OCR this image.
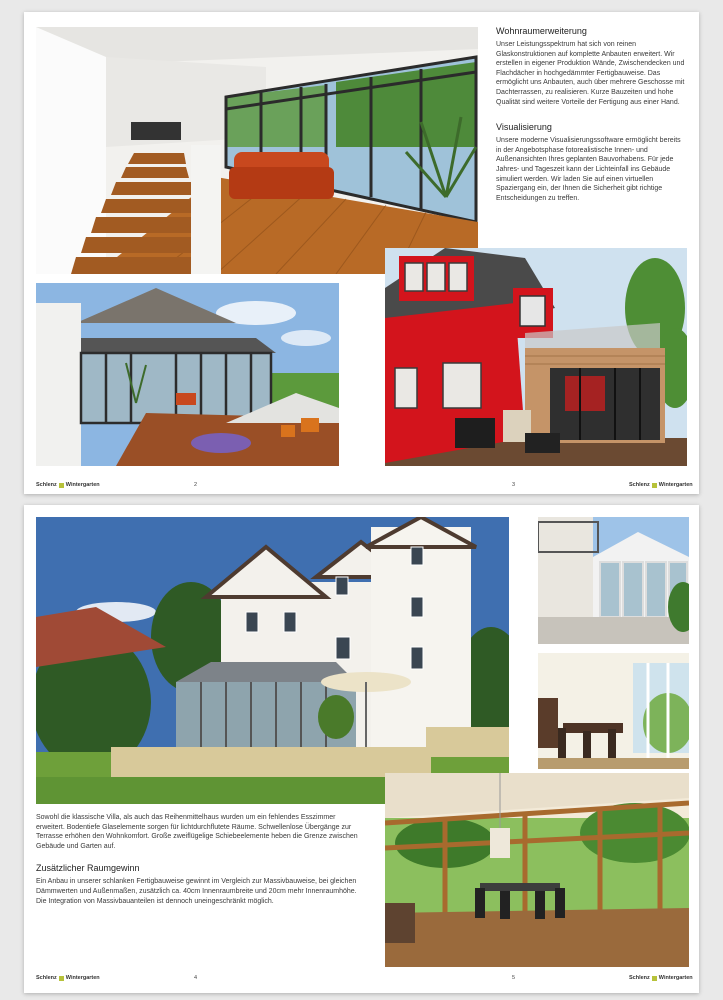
Wohnraumerweiterung

Unser Leistungsspektrum hat sich von reinen Glaskonstruktionen auf komplette Anbauten erweitert. Wir erstellen in eigener Produktion Wände, Zwischendecken und Flachdächer in hochgedämmter Fertigbauweise. Das ermöglicht uns Anbauten, auch über mehrere Geschosse mit Dachterrassen, zu realisieren. Kurze Bauzeiten und hohe Qualität sind weitere Vorteile der Fertigung aus einer Hand.

Visualisierung

Unsere moderne Visualisierungssoftware ermöglicht bereits in der Angebotsphase fotorealistische Innen- und Außenansichten Ihres geplanten Bauvorhabens. Für jede Jahres- und Tageszeit kann der Lichteinfall ins Gebäude simuliert werden. Wir laden Sie auf einen virtuellen Spaziergang ein, der Ihnen die Sicherheit gibt richtige Entscheidungen zu treffen.

Schlenz Wintergarten	2	3	Schlenz Wintergarten

Sowohl die klassische Villa, als auch das Reihenmittelhaus wurden um ein fehlendes Esszimmer erweitert. Bodentiefe Glaselemente sorgen für lichtdurchflutete Räume. Schwellenlose Übergänge zur Terrasse erhöhen den Wohnkomfort. Große zweiflügelige Schiebeelemente heben die Grenze zwischen Gebäude und Garten auf.

Zusätzlicher Raumgewinn

Ein Anbau in unserer schlanken Fertigbauweise gewinnt im Vergleich zur Massivbauweise, bei gleichen Dämmwerten und Außenmaßen, zusätzlich ca. 40cm Innenraumbreite und 20cm mehr Innenraumhöhe.

Die Integration von Massivbauanteilen ist dennoch uneingeschränkt möglich.

Schlenz Wintergarten	4	5	Schlenz Wintergarten
